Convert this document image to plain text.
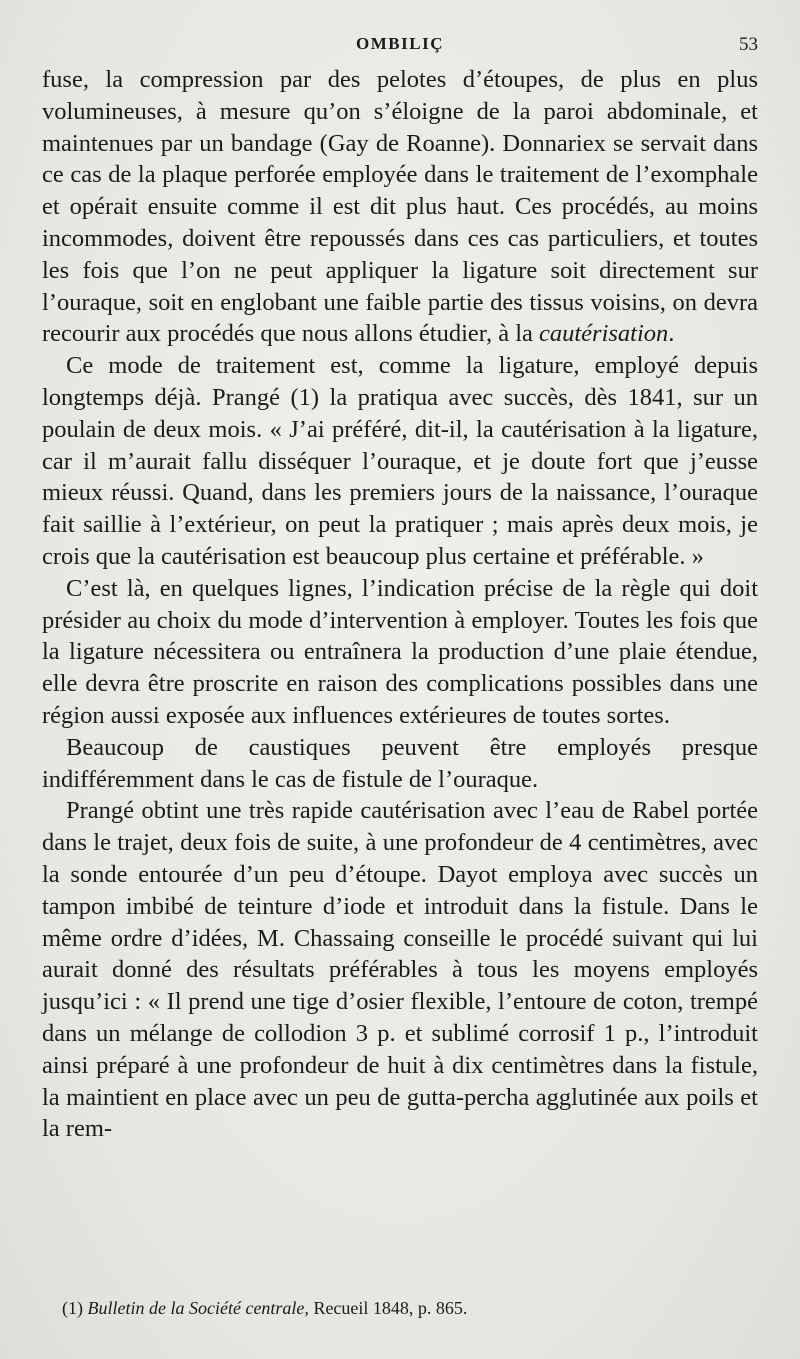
OMBILIÇ	53

fuse, la compression par des pelotes d’étoupes, de plus en plus volumineuses, à mesure qu’on s’éloigne de la paroi abdominale, et maintenues par un bandage (Gay de Roanne). Donnariex se servait dans ce cas de la plaque perforée employée dans le traitement de l’exomphale et opérait ensuite comme il est dit plus haut. Ces procédés, au moins incommodes, doivent être repoussés dans ces cas particuliers, et toutes les fois que l’on ne peut appliquer la ligature soit directement sur l’ouraque, soit en englobant une faible partie des tissus voisins, on devra recourir aux procédés que nous allons étudier, à la cautérisation.

Ce mode de traitement est, comme la ligature, employé depuis longtemps déjà. Prangé (1) la pratiqua avec succès, dès 1841, sur un poulain de deux mois. « J’ai préféré, dit-il, la cautérisation à la ligature, car il m’aurait fallu disséquer l’ouraque, et je doute fort que j’eusse mieux réussi. Quand, dans les premiers jours de la naissance, l’ouraque fait saillie à l’extérieur, on peut la pratiquer ; mais après deux mois, je crois que la cautérisation est beaucoup plus certaine et préférable. »

C’est là, en quelques lignes, l’indication précise de la règle qui doit présider au choix du mode d’intervention à employer. Toutes les fois que la ligature nécessitera ou entraînera la production d’une plaie étendue, elle devra être proscrite en raison des complications possibles dans une région aussi exposée aux influences extérieures de toutes sortes.

Beaucoup de caustiques peuvent être employés presque indifféremment dans le cas de fistule de l’ouraque.

Prangé obtint une très rapide cautérisation avec l’eau de Rabel portée dans le trajet, deux fois de suite, à une profondeur de 4 centimètres, avec la sonde entourée d’un peu d’étoupe. Dayot employa avec succès un tampon imbibé de teinture d’iode et introduit dans la fistule. Dans le même ordre d’idées, M. Chassaing conseille le procédé suivant qui lui aurait donné des résultats préférables à tous les moyens employés jusqu’ici : « Il prend une tige d’osier flexible, l’entoure de coton, trempé dans un mélange de collodion 3 p. et sublimé corrosif 1 p., l’introduit ainsi préparé à une profondeur de huit à dix centimètres dans la fistule, la maintient en place avec un peu de gutta-percha agglutinée aux poils et la rem-

(1) Bulletin de la Société centrale, Recueil 1848, p. 865.
